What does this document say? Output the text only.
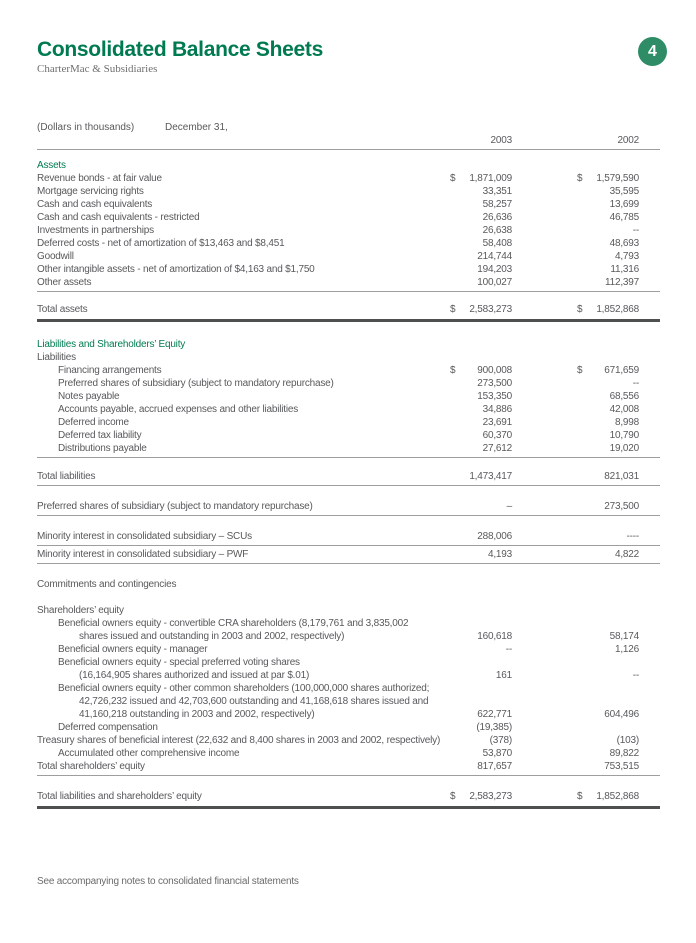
4
Consolidated Balance Sheets
CharterMac & Subsidiaries
(Dollars in thousands)	December 31,
2003	2002
Assets
Revenue bonds - at fair value	$ 1,871,009	$ 1,579,590
Mortgage servicing rights	33,351	35,595
Cash and cash equivalents	58,257	13,699
Cash and cash equivalents - restricted	26,636	46,785
Investments in partnerships	26,638	--
Deferred costs - net of amortization of $13,463 and $8,451	58,408	48,693
Goodwill	214,744	4,793
Other intangible assets - net of amortization of $4,163 and $1,750	194,203	11,316
Other assets	100,027	112,397
Total assets	$ 2,583,273	$ 1,852,868
Liabilities and Shareholders’ Equity
Liabilities
Financing arrangements	$ 900,008	$ 671,659
Preferred shares of subsidiary (subject to mandatory repurchase)	273,500	--
Notes payable	153,350	68,556
Accounts payable, accrued expenses and other liabilities	34,886	42,008
Deferred income	23,691	8,998
Deferred tax liability	60,370	10,790
Distributions payable	27,612	19,020
Total liabilities	1,473,417	821,031
Preferred shares of subsidiary (subject to mandatory repurchase)	–	273,500
Minority interest in consolidated subsidiary – SCUs	288,006	----
Minority interest in consolidated subsidiary – PWF	4,193	4,822
Commitments and contingencies
Shareholders’ equity
Beneficial owners equity - convertible CRA shareholders (8,179,761 and 3,835,002
shares issued and outstanding in 2003 and 2002, respectively)	160,618	58,174
Beneficial owners equity - manager	--	1,126
Beneficial owners equity - special preferred voting shares
(16,164,905 shares authorized and issued at par $.01)	161	--
Beneficial owners equity - other common shareholders (100,000,000 shares authorized;
42,726,232 issued and 42,703,600 outstanding and 41,168,618 shares issued and
41,160,218 outstanding in 2003 and 2002, respectively)	622,771	604,496
Deferred compensation	(19,385)
Treasury shares of beneficial interest (22,632 and 8,400 shares in 2003 and 2002, respectively)	(378)	(103)
Accumulated other comprehensive income	53,870	89,822
Total shareholders’ equity	817,657	753,515
Total liabilities and shareholders’ equity	$ 2,583,273	$ 1,852,868
See accompanying notes to consolidated financial statements
